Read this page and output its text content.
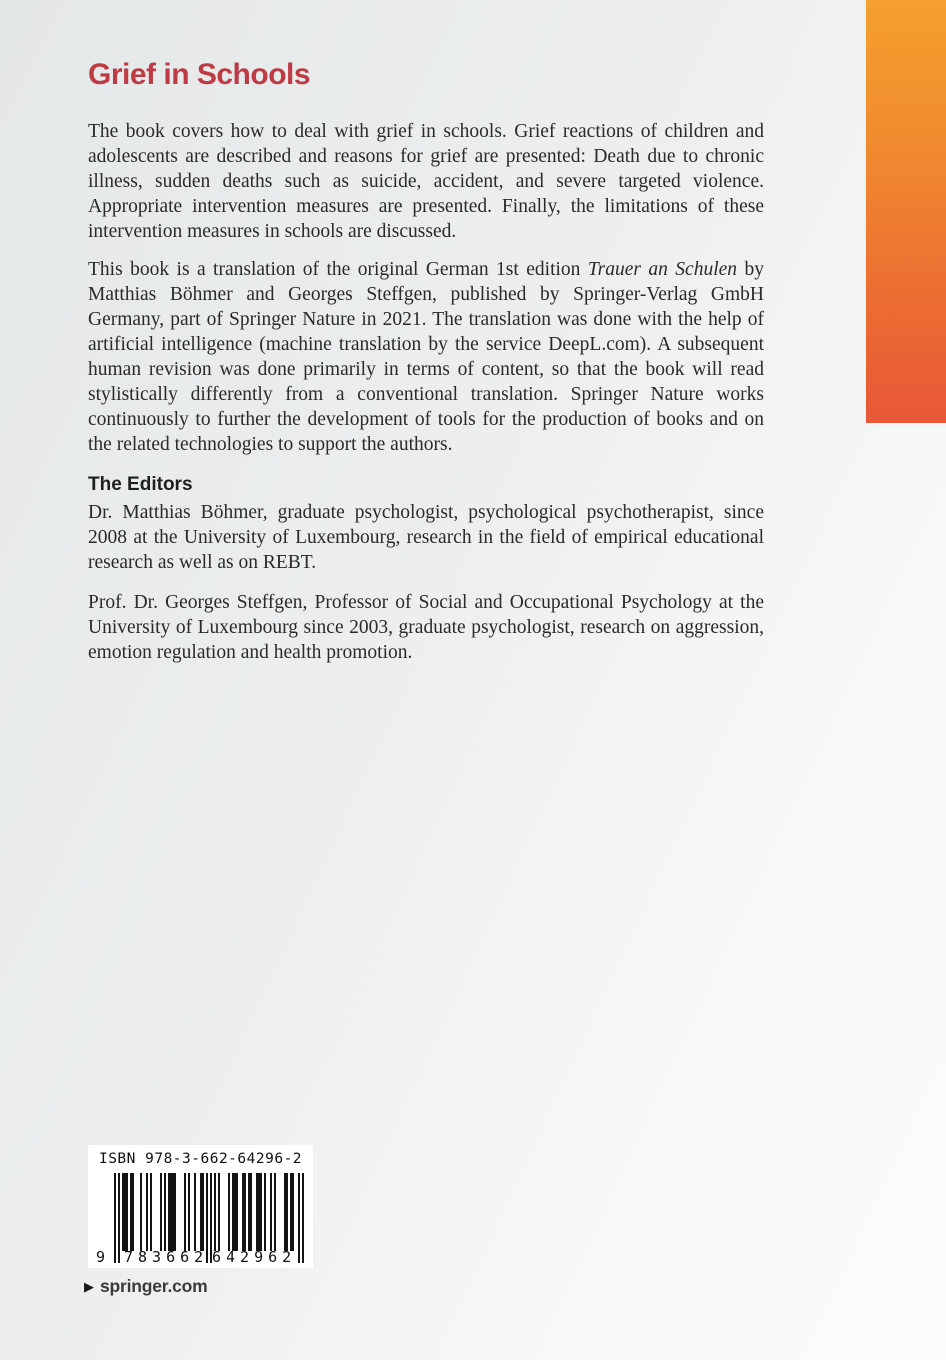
Grief in Schools

The book covers how to deal with grief in schools. Grief reactions of children and adolescents are described and reasons for grief are presented: Death due to chronic illness, sudden deaths such as suicide, accident, and severe targeted violence. Appropriate intervention measures are presented. Finally, the limitations of these intervention measures in schools are discussed.

This book is a translation of the original German 1st edition Trauer an Schulen by Matthias Böhmer and Georges Steffgen, published by Springer-Verlag GmbH Germany, part of Springer Nature in 2021. The translation was done with the help of artificial intelligence (machine translation by the service DeepL.com). A subsequent human revision was done primarily in terms of content, so that the book will read stylistically differently from a conventional translation. Springer Nature works continuously to further the development of tools for the production of books and on the related technologies to support the authors.

The Editors

Dr. Matthias Böhmer, graduate psychologist, psychological psychotherapist, since 2008 at the University of Luxembourg, research in the field of empirical educational research as well as on REBT.

Prof. Dr. Georges Steffgen, Professor of Social and Occupational Psychology at the University of Luxembourg since 2003, graduate psychologist, research on aggression, emotion regulation and health promotion.

ISBN 978-3-662-64296-2
9 783662 642962
▶ springer.com
